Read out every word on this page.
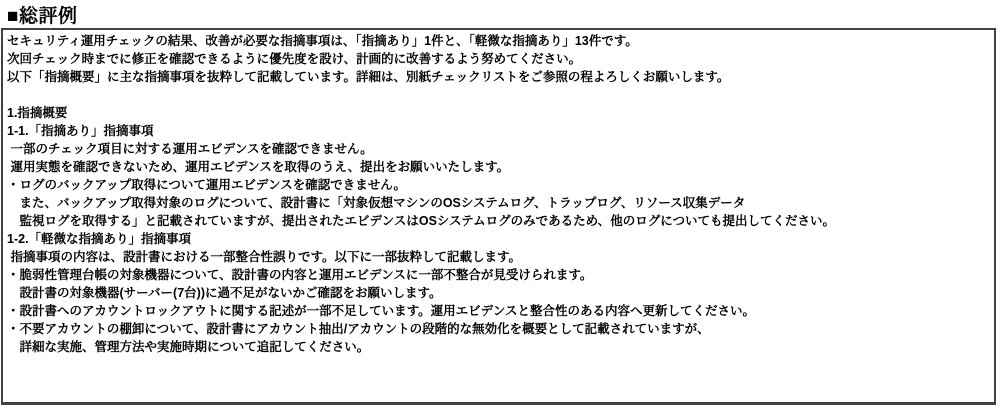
■総評例
セキュリティ運用チェックの結果、改善が必要な指摘事項は、「指摘あり」1件と、「軽微な指摘あり」13件です。
次回チェック時までに修正を確認できるように優先度を設け、計画的に改善するよう努めてください。
以下「指摘概要」に主な指摘事項を抜粋して記載しています。詳細は、別紙チェックリストをご参照の程よろしくお願いします。
1.指摘概要
1-1.「指摘あり」指摘事項
一部のチェック項目に対する運用エビデンスを確認できません。
運用実態を確認できないため、運用エビデンスを取得のうえ、提出をお願いいたします。
・ログのバックアップ取得について運用エビデンスを確認できません。
　また、バックアップ取得対象のログについて、設計書に「対象仮想マシンのOSシステムログ、トラップログ、リソース収集データ
　監視ログを取得する」と記載されていますが、提出されたエビデンスはOSシステムログのみであるため、他のログについても提出してください。
1-2.「軽微な指摘あり」指摘事項
指摘事項の内容は、設計書における一部整合性誤りです。以下に一部抜粋して記載します。
・脆弱性管理台帳の対象機器について、設計書の内容と運用エビデンスに一部不整合が見受けられます。
　設計書の対象機器(サーバー(7台))に過不足がないかご確認をお願いします。
・設計書へのアカウントロックアウトに関する記述が一部不足しています。運用エビデンスと整合性のある内容へ更新してください。
・不要アカウントの棚卸について、設計書にアカウント抽出/アカウントの段階的な無効化を概要として記載されていますが、
　詳細な実施、管理方法や実施時期について追記してください。
